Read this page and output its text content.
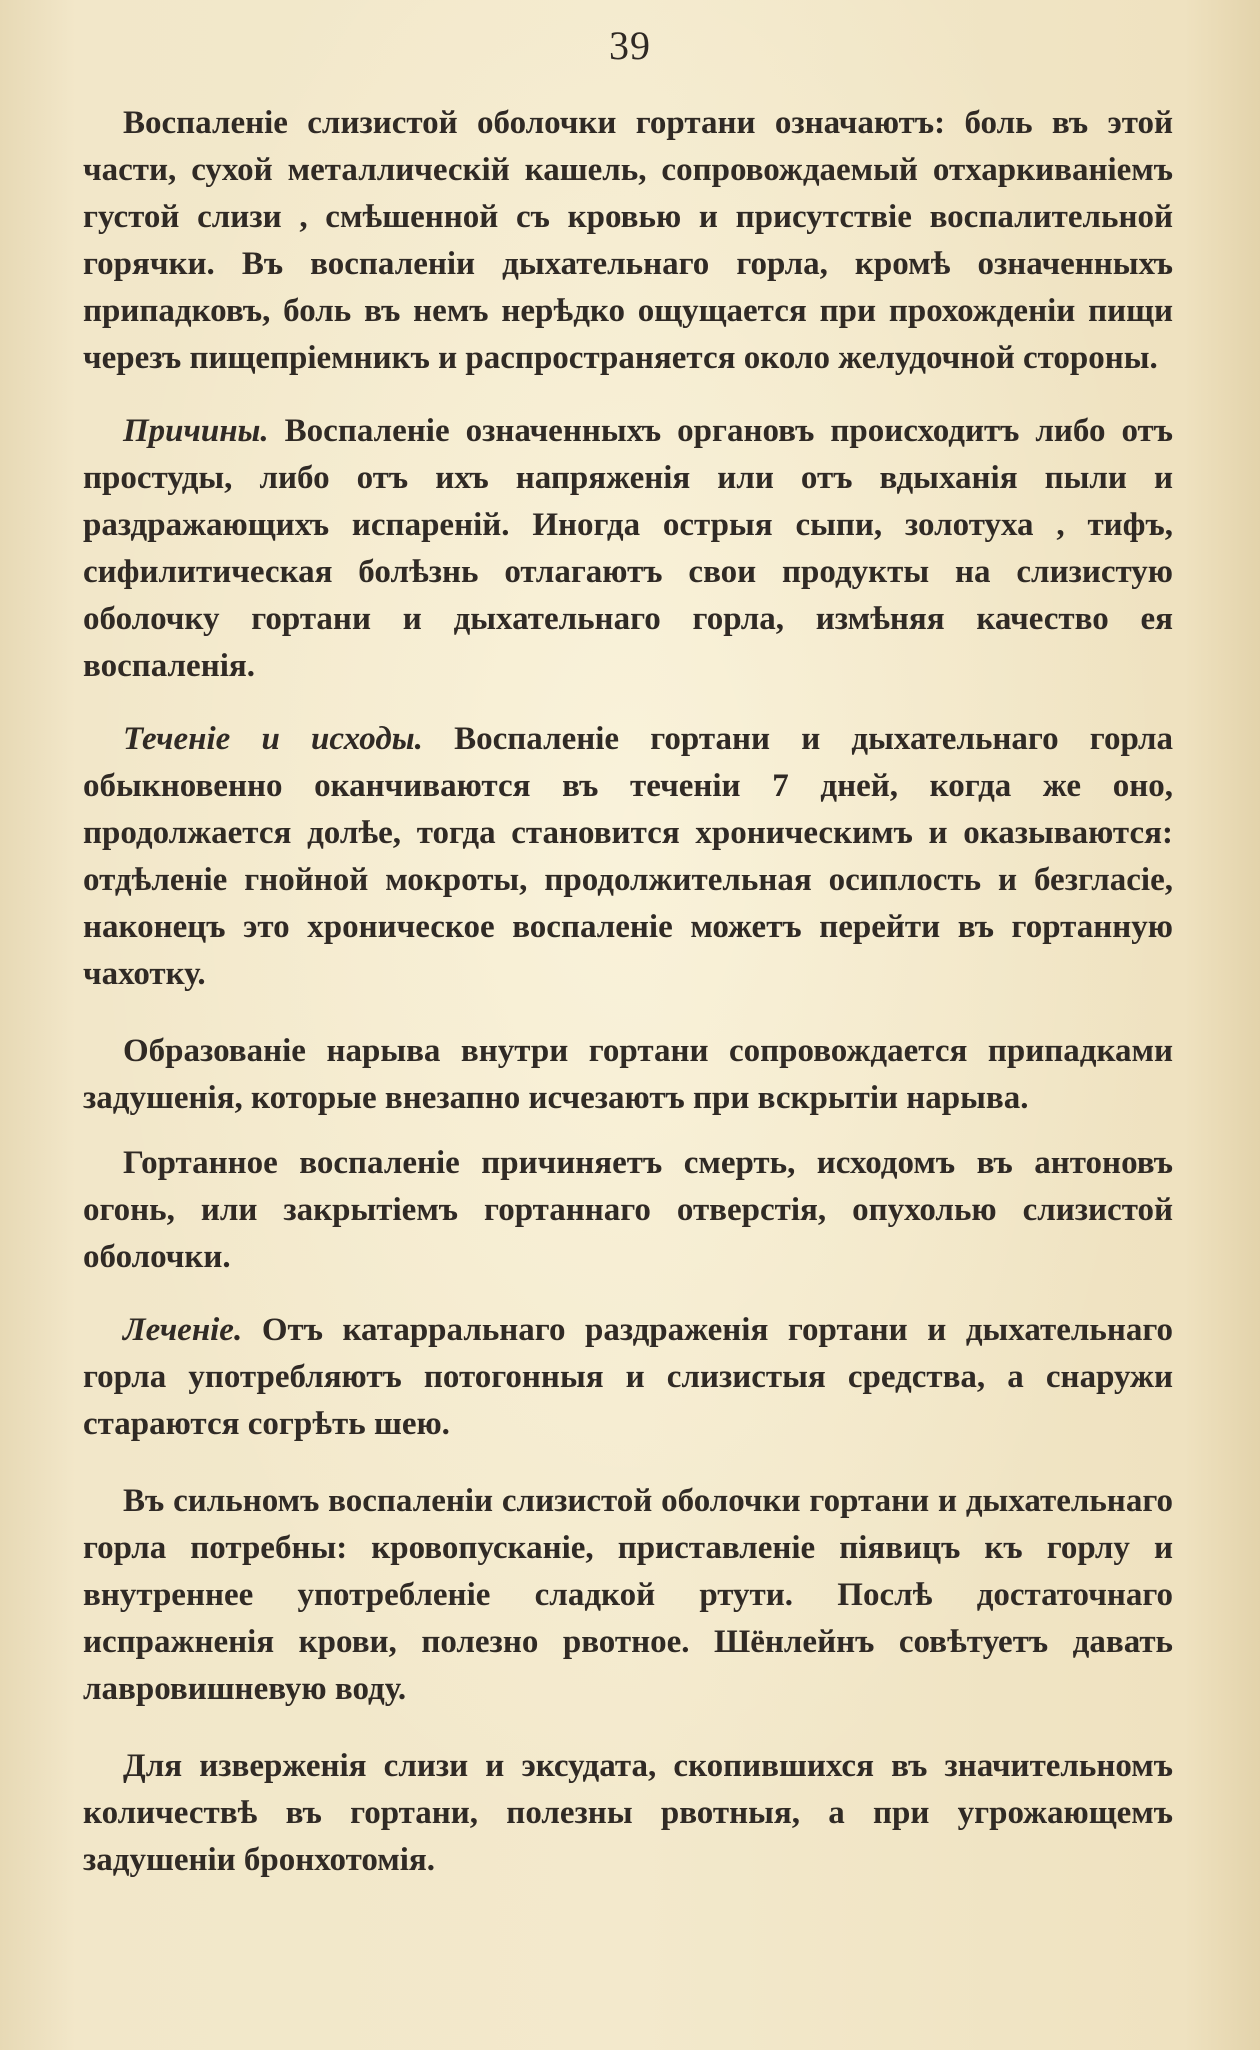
39

Воспаленіе слизистой оболочки гортани означаютъ: боль въ этой части, сухой металлическій кашель, сопровождаемый отхаркиваніемъ густой слизи , смѣшенной съ кровью и присутствіе воспалительной горячки. Въ воспаленіи дыхательнаго горла, кромѣ означенныхъ припадковъ, боль въ немъ нерѣдко ощущается при прохожденіи пищи черезъ пищепріемникъ и распространяется около желудочной стороны.

Причины. Воспаленіе означенныхъ органовъ происходитъ либо отъ простуды, либо отъ ихъ напряженія или отъ вдыханія пыли и раздражающихъ испареній. Иногда острыя сыпи, золотуха , тифъ, сифилитическая болѣзнь отлагаютъ свои продукты на слизистую оболочку гортани и дыхательнаго горла, измѣняя качество ея воспаленія.

Теченіе и исходы. Воспаленіе гортани и дыхательнаго горла обыкновенно оканчиваются въ теченіи 7 дней, когда же оно, продолжается долѣе, тогда становится хроническимъ и оказываются: отдѣленіе гнойной мокроты, продолжительная осиплость и безгласіе, наконецъ это хроническое воспаленіе можетъ перейти въ гортанную чахотку.

Образованіе нарыва внутри гортани сопровождается припадками задушенія, которые внезапно исчезаютъ при вскрытіи нарыва.

Гортанное воспаленіе причиняетъ смерть, исходомъ въ антоновъ огонь, или закрытіемъ гортаннаго отверстія, опухолью слизистой оболочки.

Леченіе. Отъ катарральнаго раздраженія гортани и дыхательнаго горла употребляютъ потогонныя и слизистыя средства, а снаружи стараются согрѣть шею.

Въ сильномъ воспаленіи слизистой оболочки гортани и дыхательнаго горла потребны: кровопусканіе, приставленіе піявицъ къ горлу и внутреннее употребленіе сладкой ртути. Послѣ достаточнаго испражненія крови, полезно рвотное. Шёнлейнъ совѣтуетъ давать лавровишневую воду.

Для изверженія слизи и эксудата, скопившихся въ значительномъ количествѣ въ гортани, полезны рвотныя, а при угрожающемъ задушеніи бронхотомія.
